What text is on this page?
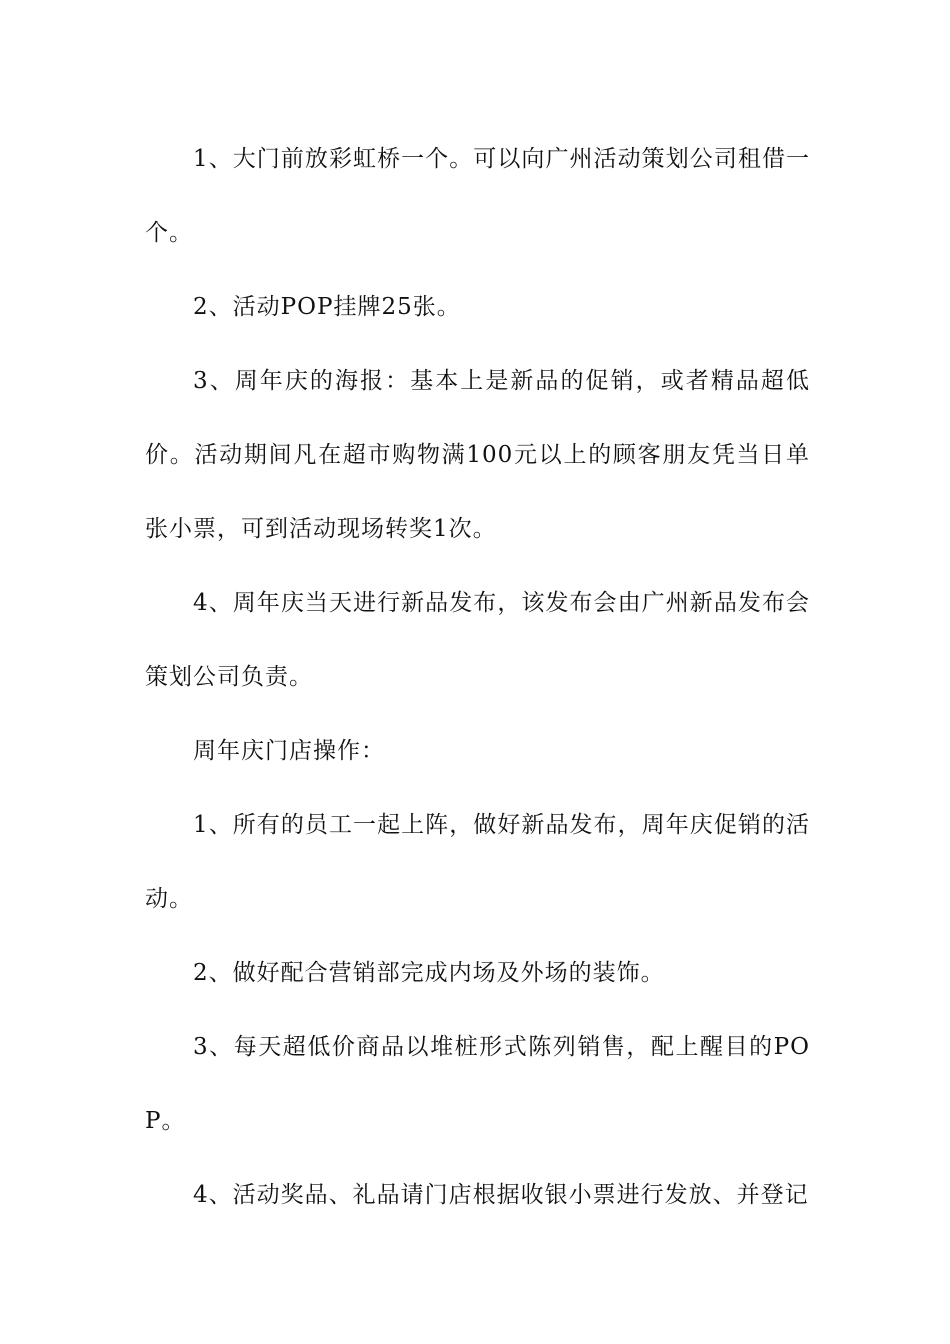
1、大门前放彩虹桥一个。可以向广州活动策划公司租借一个。

2、活动POP挂牌25张。

3、周年庆的海报：基本上是新品的促销，或者精品超低价。活动期间凡在超市购物满100元以上的顾客朋友凭当日单张小票，可到活动现场转奖1次。

4、周年庆当天进行新品发布，该发布会由广州新品发布会策划公司负责。

周年庆门店操作：

1、所有的员工一起上阵，做好新品发布，周年庆促销的活动。

2、做好配合营销部完成内场及外场的装饰。

3、每天超低价商品以堆桩形式陈列销售，配上醒目的POP。

4、活动奖品、礼品请门店根据收银小票进行发放、并登记
